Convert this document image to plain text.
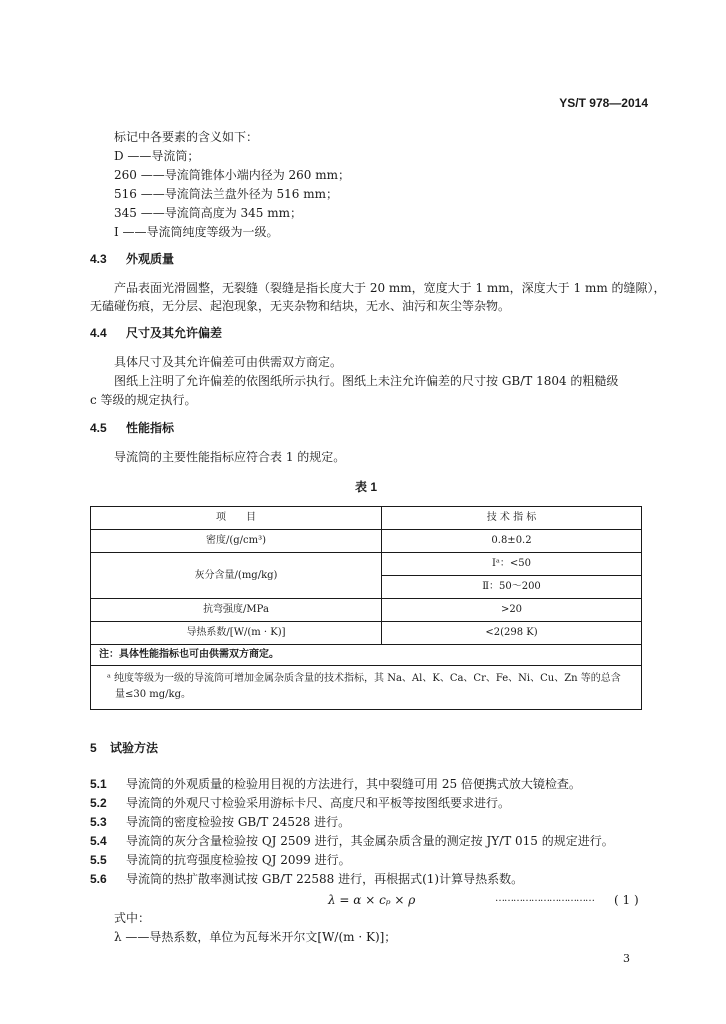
YS/T 978—2014
标记中各要素的含义如下：
D ——导流筒；
260 ——导流筒锥体小端内径为 260 mm；
516 ——导流筒法兰盘外径为 516 mm；
345 ——导流筒高度为 345 mm；
Ⅰ ——导流筒纯度等级为一级。
4.3 外观质量
产品表面光滑圆整，无裂缝（裂缝是指长度大于 20 mm，宽度大于 1 mm，深度大于 1 mm 的缝隙），
无磕碰伤痕，无分层、起泡现象，无夹杂物和结块，无水、油污和灰尘等杂物。
4.4 尺寸及其允许偏差
具体尺寸及其允许偏差可由供需双方商定。
图纸上注明了允许偏差的依图纸所示执行。图纸上未注允许偏差的尺寸按 GB/T 1804 的粗糙级
c 等级的规定执行。
4.5 性能指标
导流筒的主要性能指标应符合表 1 的规定。
表 1
项　　目	技 术 指 标
密度/(g/cm³)	0.8±0.2
灰分含量/(mg/kg)	Ⅰᵃ：<50
	Ⅱ：50～200
抗弯强度/MPa	>20
导热系数/[W/(m · K)]	<2(298 K)
注：具体性能指标也可由供需双方商定。	

ᵃ 纯度等级为一级的导流筒可增加金属杂质含量的技术指标，其 Na、Al、K、Ca、Cr、Fe、Ni、Cu、Zn 等的总含
量≤30 mg/kg。	
5 试验方法
5.1 导流筒的外观质量的检验用目视的方法进行，其中裂缝可用 25 倍便携式放大镜检查。
5.2 导流筒的外观尺寸检验采用游标卡尺、高度尺和平板等按图纸要求进行。
5.3 导流筒的密度检验按 GB/T 24528 进行。
5.4 导流筒的灰分含量检验按 QJ 2509 进行，其金属杂质含量的测定按 JY/T 015 的规定进行。
5.5 导流筒的抗弯强度检验按 QJ 2099 进行。
5.6 导流筒的热扩散率测试按 GB/T 22588 进行，再根据式(1)计算导热系数。
λ = α × cₚ × ρ	…………………………… ( 1 )
式中：
λ ——导热系数，单位为瓦每米开尔文[W/(m · K)]；
3
